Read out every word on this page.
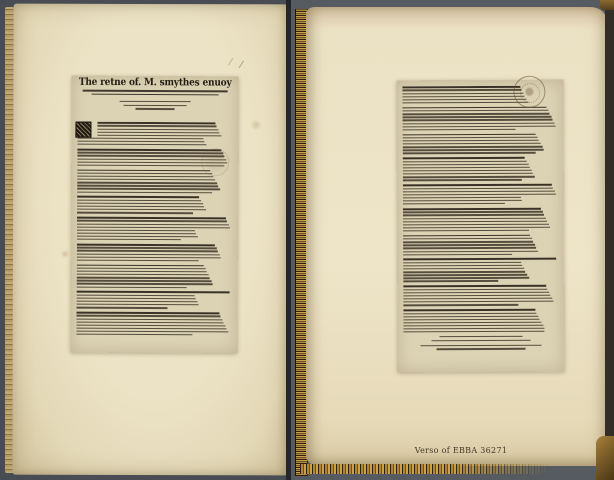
The retne of. M. smythes enuoy
Verso of EBBA 36271
